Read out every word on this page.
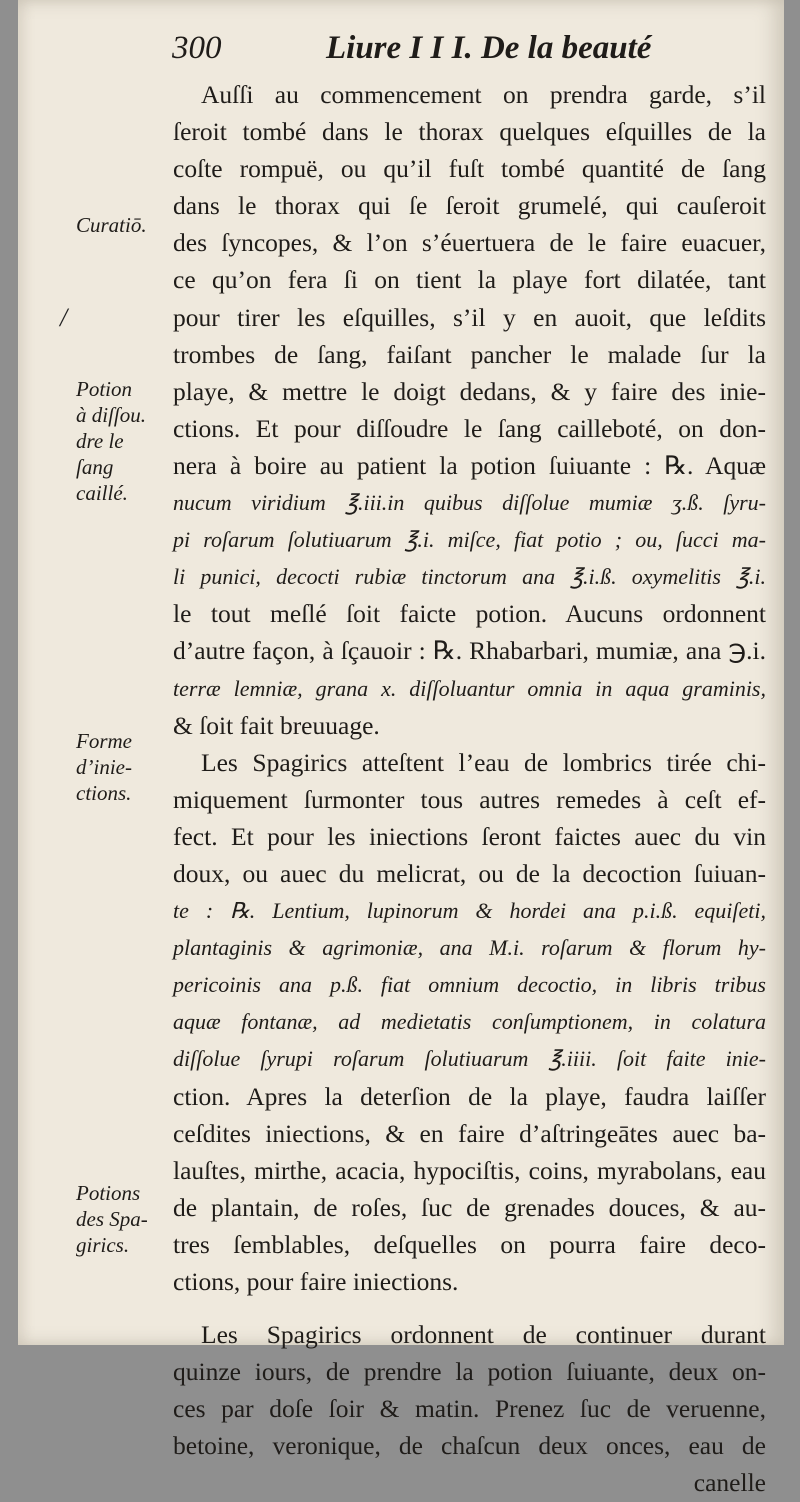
300	Liure I I I. De la beauté
Curatiō.
Potion
à diſſou.
dre le
ſang
caillé.
Forme
d’inie-
ctions.
Potions
des Spa-
girics.
/
Auſſi au commencement on prendra garde, s’il
ſeroit tombé dans le thorax quelques eſquilles de la
coſte rompuë, ou qu’il fuſt tombé quantité de ſang
dans le thorax qui ſe ſeroit grumelé, qui cauſeroit
des ſyncopes, & l’on s’éuertuera de le faire euacuer,
ce qu’on fera ſi on tient la playe fort dilatée, tant
pour tirer les eſquilles, s’il y en auoit, que leſdits
trombes de ſang, faiſant pancher le malade ſur la
playe, & mettre le doigt dedans, & y faire des inie-
ctions. Et pour diſſoudre le ſang cailleboté, on don-
nera à boire au patient la potion ſuiuante : ℞. Aquæ
nucum viridium ℥.iii.in quibus diſſolue mumiæ ʒ.ß. ſyru-
pi roſarum ſolutiuarum ℥.i. miſce, fiat potio ; ou, ſucci ma-
li punici, decocti rubiæ tinctorum ana ℥.i.ß. oxymelitis ℥.i.
le tout meſlé ſoit faicte potion. Aucuns ordonnent
d’autre façon, à ſçauoir : ℞. Rhabarbari, mumiæ, ana ℈.i.
terræ lemniæ, grana x. diſſoluantur omnia in aqua graminis,
& ſoit fait breuuage.
Les Spagirics atteſtent l’eau de lombrics tirée chi-
miquement ſurmonter tous autres remedes à ceſt ef-
fect. Et pour les iniections ſeront faictes auec du vin
doux, ou auec du melicrat, ou de la decoction ſuiuan-
te : ℞. Lentium, lupinorum & hordei ana p.i.ß. equiſeti,
plantaginis & agrimoniæ, ana M.i. roſarum & florum hy-
pericoinis ana p.ß. fiat omnium decoctio, in libris tribus
aquæ fontanæ, ad medietatis conſumptionem, in colatura
diſſolue ſyrupi roſarum ſolutiuarum ℥.iiii. ſoit faite inie-
ction. Apres la deterſion de la playe, faudra laiſſer
ceſdites iniections, & en faire d’aſtringeātes auec ba-
lauſtes, mirthe, acacia, hypociſtis, coins, myrabolans, eau
de plantain, de roſes, ſuc de grenades douces, & au-
tres ſemblables, deſquelles on pourra faire deco-
ctions, pour faire iniections.
Les Spagirics ordonnent de continuer durant
quinze iours, de prendre la potion ſuiuante, deux on-
ces par doſe ſoir & matin. Prenez ſuc de veruenne,
betoine, veronique, de chaſcun deux onces, eau de
canelle
